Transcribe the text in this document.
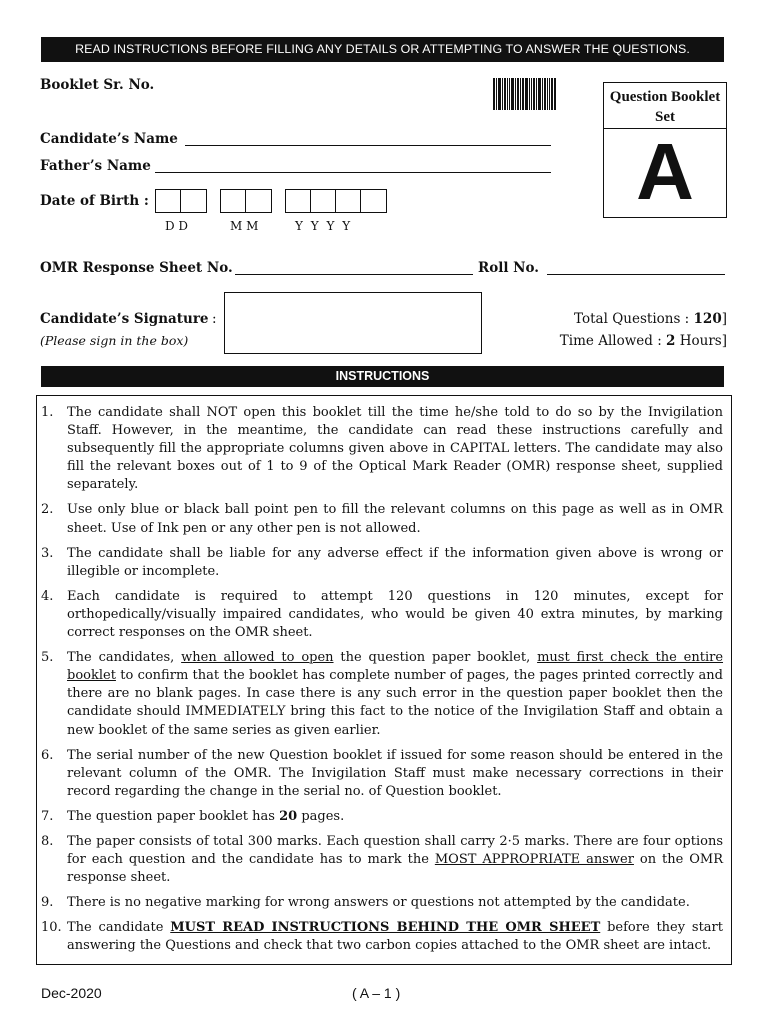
READ INSTRUCTIONS BEFORE FILLING ANY DETAILS OR ATTEMPTING TO ANSWER THE QUESTIONS.
Booklet Sr. No.
Question Booklet
Set
A
Candidate’s Name
Father’s Name
Date of Birth :
D D	M M	Y Y Y Y
OMR Response Sheet No.	Roll No.
Candidate’s Signature :
(Please sign in the box)
Total Questions : 120]
Time Allowed : 2 Hours]
INSTRUCTIONS
1.	The candidate shall NOT open this booklet till the time he/she told to do so by the Invigilation Staff. However, in the meantime, the candidate can read these instructions carefully and subsequently fill the appropriate columns given above in CAPITAL letters. The candidate may also fill the relevant boxes out of 1 to 9 of the Optical Mark Reader (OMR) response sheet, supplied separately.
2.	Use only blue or black ball point pen to fill the relevant columns on this page as well as in OMR sheet. Use of Ink pen or any other pen is not allowed.
3.	The candidate shall be liable for any adverse effect if the information given above is wrong or illegible or incomplete.
4.	Each candidate is required to attempt 120 questions in 120 minutes, except for orthopedically/visually impaired candidates, who would be given 40 extra minutes, by marking correct responses on the OMR sheet.
5.	The candidates, when allowed to open the question paper booklet, must first check the entire booklet to confirm that the booklet has complete number of pages, the pages printed correctly and there are no blank pages. In case there is any such error in the question paper booklet then the candidate should IMMEDIATELY bring this fact to the notice of the Invigilation Staff and obtain a new booklet of the same series as given earlier.
6.	The serial number of the new Question booklet if issued for some reason should be entered in the relevant column of the OMR. The Invigilation Staff must make necessary corrections in their record regarding the change in the serial no. of Question booklet.
7.	The question paper booklet has 20 pages.
8.	The paper consists of total 300 marks. Each question shall carry 2·5 marks. There are four options for each question and the candidate has to mark the MOST APPROPRIATE answer on the OMR response sheet.
9.	There is no negative marking for wrong answers or questions not attempted by the candidate.
10. The candidate MUST READ INSTRUCTIONS BEHIND THE OMR SHEET before they start answering the Questions and check that two carbon copies attached to the OMR sheet are intact.
Dec-2020	( A – 1 )
